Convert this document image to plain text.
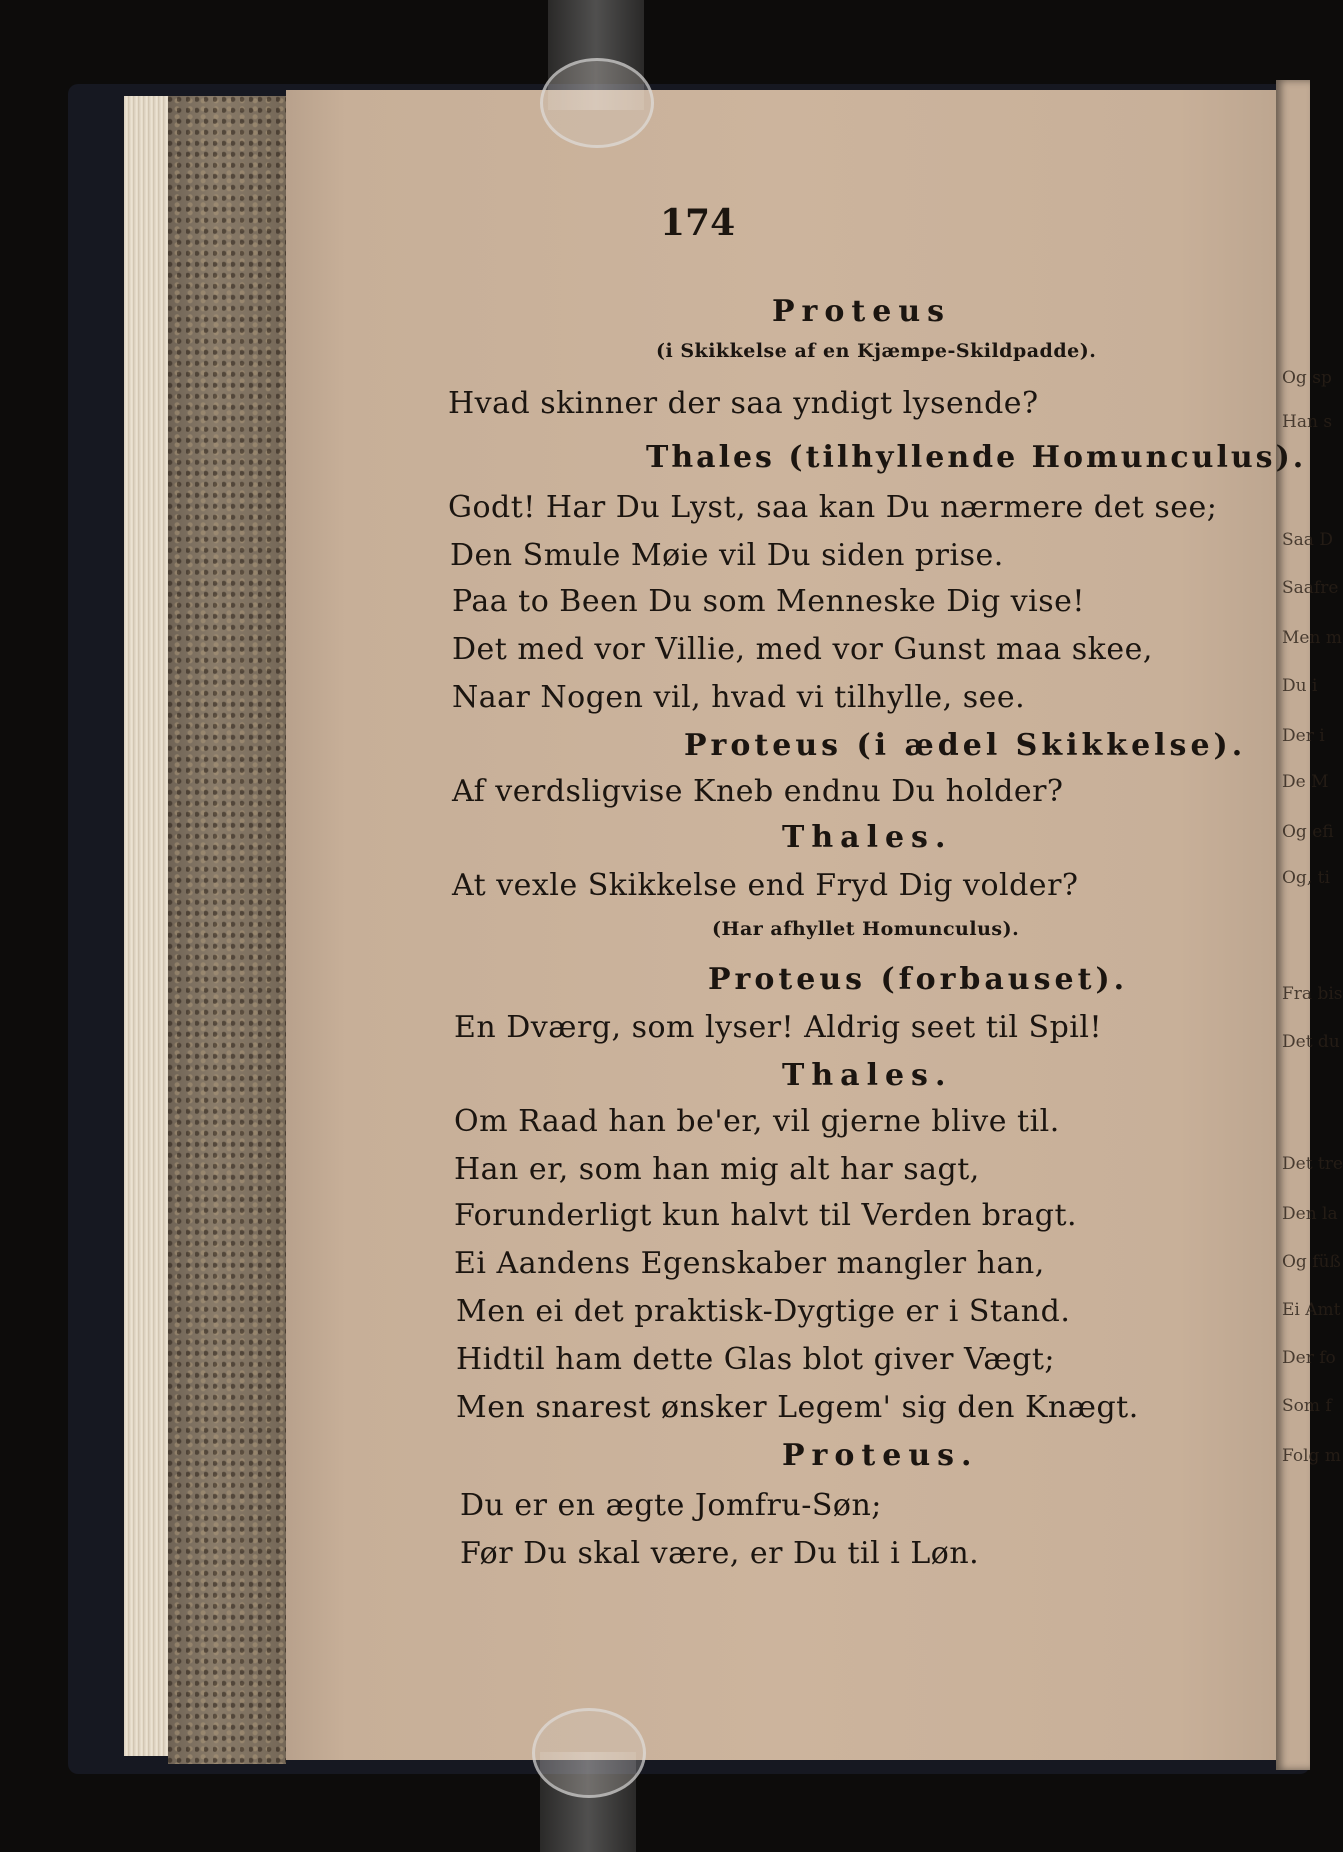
Og sp
Han s
Saa D
Saafre
Men m
Du i
Der i
De M
Og efi
Og, ti
Fra bis
Det du
Det tre
Den la
Og füß
Ei Amt
Der fo
Som f
Folg m
174
Proteus
(i Skikkelse af en Kjæmpe-Skildpadde).
Hvad skinner der saa yndigt lysende?
Thales (tilhyllende Homunculus).
Godt! Har Du Lyst, saa kan Du nærmere det see;
Den Smule Møie vil Du siden prise.
Paa to Been Du som Menneske Dig vise!
Det med vor Villie, med vor Gunst maa skee,
Naar Nogen vil, hvad vi tilhylle, see.
Proteus (i ædel Skikkelse).
Af verdsligvise Kneb endnu Du holder?
Thales.
At vexle Skikkelse end Fryd Dig volder?
(Har afhyllet Homunculus).
Proteus (forbauset).
En Dværg, som lyser! Aldrig seet til Spil!
Thales.
Om Raad han be'er, vil gjerne blive til.
Han er, som han mig alt har sagt,
Forunderligt kun halvt til Verden bragt.
Ei Aandens Egenskaber mangler han,
Men ei det praktisk-Dygtige er i Stand.
Hidtil ham dette Glas blot giver Vægt;
Men snarest ønsker Legem' sig den Knægt.
Proteus.
Du er en ægte Jomfru-Søn;
Før Du skal være, er Du til i Løn.
